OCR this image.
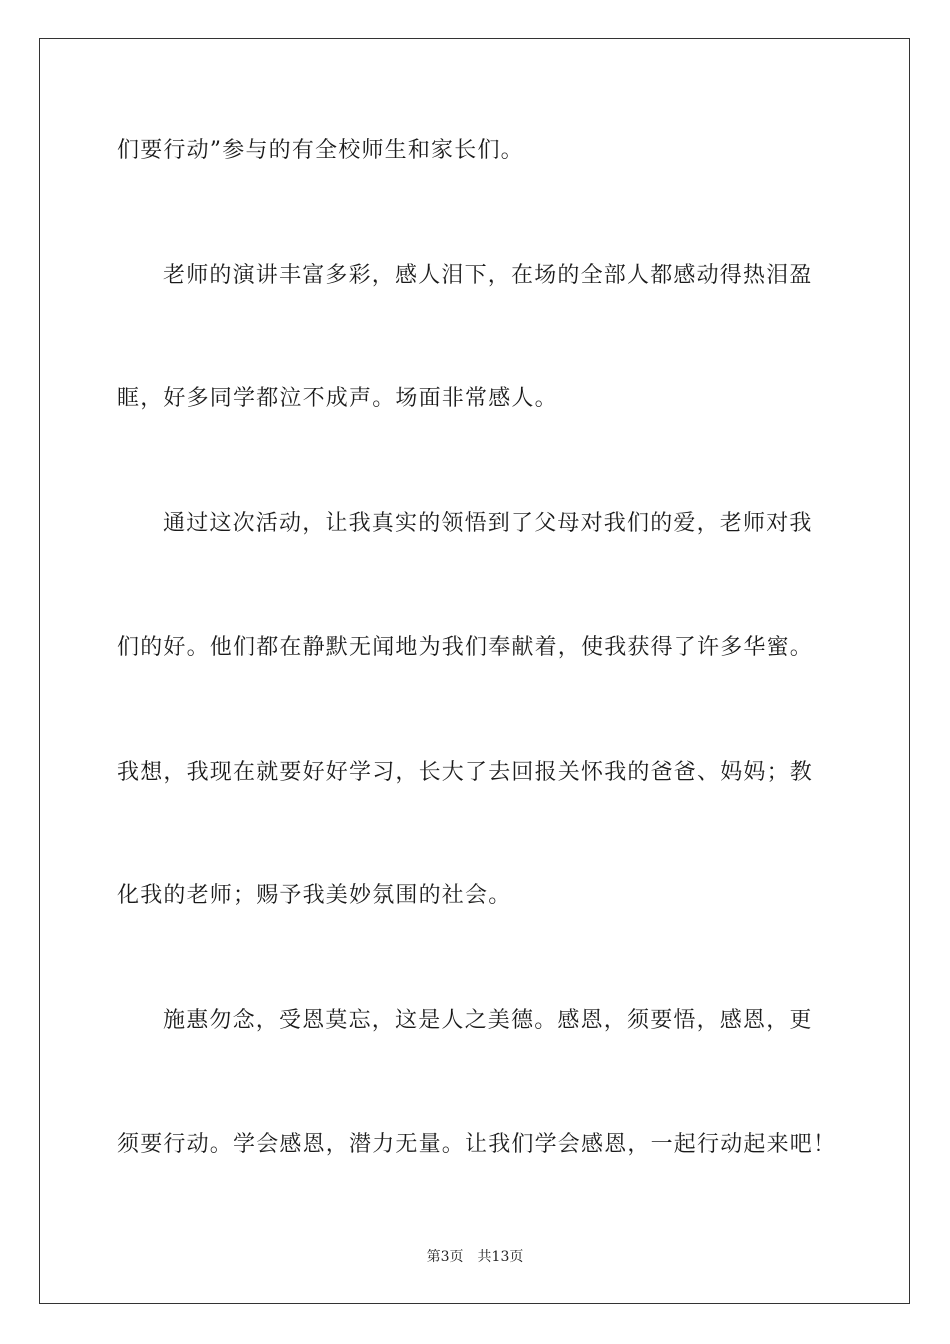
们要行动”参与的有全校师生和家长们。
老师的演讲丰富多彩，感人泪下，在场的全部人都感动得热泪盈
眶，好多同学都泣不成声。场面非常感人。
通过这次活动，让我真实的领悟到了父母对我们的爱，老师对我
们的好。他们都在静默无闻地为我们奉献着，使我获得了许多华蜜。
我想，我现在就要好好学习，长大了去回报关怀我的爸爸、妈妈；教
化我的老师；赐予我美妙氛围的社会。
施惠勿念，受恩莫忘，这是人之美德。感恩，须要悟，感恩，更
须要行动。学会感恩，潜力无量。让我们学会感恩，一起行动起来吧！
第3页 共13页
